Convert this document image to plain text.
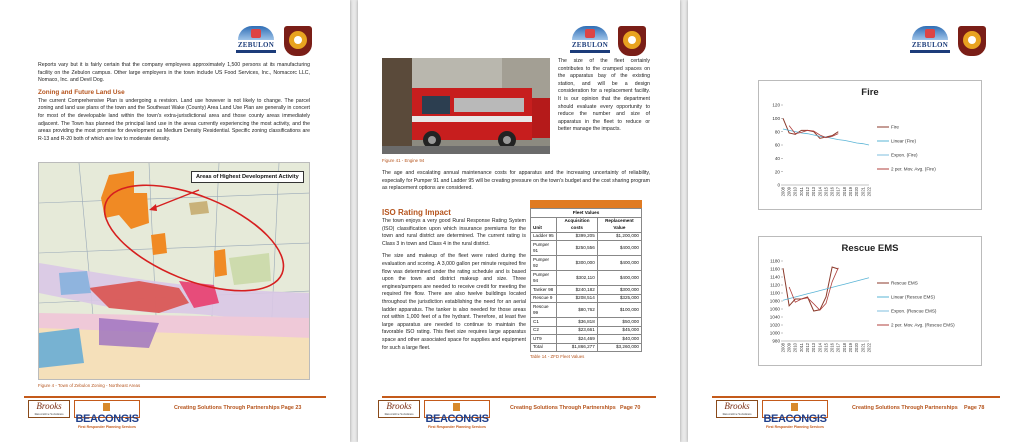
ZEBULON

Reports vary but it is fairly certain that the company employees approximately 1,500 persons at its manufacturing facility on the Zebulon campus. Other large employers in the town include US Food Services, Inc., Nomacorc LLC, Nomaco, Inc. and Devil Dog.

Zoning and Future Land Use

The current Comprehensive Plan is undergoing a revision. Land use however is not likely to change. The parcel zoning and land use plans of the town and the Southeast Wake (County) Area Land Use Plan are generally in concert for most of the developable land within the town's extra-jurisdictional area and those county areas immediately adjacent. The Town has planned the principal land use in the areas currently experiencing the most activity, and the areas providing the most promise for development as Medium Density Residential. Specific zoning classifications are R-13 and R-20 both of which are low to moderate density.

Areas of Highest Development Activity
Figure 4 - Town of Zebulon Zoning - Northeast Areas
Brooks
Innovative Solutions	BEACONGIS
First Responder Planning Services
Creating Solutions Through Partnerships Page 23
ZEBULON
Figure 41 - Engine 94

The size of the fleet certainly contributes to the cramped spaces on the apparatus bay of the existing station, and will be a design consideration for a replacement facility. It is our opinion that the department should evaluate every opportunity to reduce the number and size of apparatus in the fleet to reduce or better manage the impacts.

The age and escalating annual maintenance costs for apparatus and the increasing uncertainty of reliability, especially for Pumper 91 and Ladder 95 will be creating pressure on the town's budget and the cost sharing program as replacement options are considered.

ISO Rating Impact

The town enjoys a very good Rural Response Rating System (ISO) classification upon which insurance premiums for the town and rural district are determined. The current rating is Class 3 in town and Class 4 in the rural district.

The size and makeup of the fleet were rated during the evaluation and scoring. A 3,000 gallon per minute required fire flow was determined under the rating schedule and is based upon the town and district makeup and size. Three engines/pumpers are needed to receive credit for meeting the required fire flow. There are also twelve buildings located throughout the jurisdiction establishing the need for an aerial ladder apparatus. The tanker is also needed for those areas not within 1,000 feet of a fire hydrant. Therefore, at least five large apparatus are needed to continue to maintain the favorable ISO rating. This fleet size requires large apparatus space and other associated space for supplies and equipment for such a large fleet.

Fleet Values		
Unit	Acquisition costs	Replacement Value
Ladder 95	$399,205	$1,200,000
Pumper 91	$250,556	$400,000
Pumper 92	$300,000	$400,000
Pumper 94	$302,110	$400,000
Tanker 98	$240,182	$300,000
Rescue 9	$208,514	$325,000
Rescue 99	$80,762	$100,000
C1	$36,818	$50,000
C2	$23,661	$45,000
UT9	$24,469	$40,000
Total	$1,866,277	$3,260,000
Table 14 - ZFD Fleet Values
Brooks
Innovative Solutions	BEACONGIS
First Responder Planning Services
Creating Solutions Through Partnerships Page 70
ZEBULON
Fire
0
20
40
60
80
100
120
2008 2009 2010 2011 2012 2013 2014 2015 2016 2017 2018 2019 2020 2021 2022
Fire
Linear (Fire)
Expon. (Fire)
2 per. Mov. Avg. (Fire)
Rescue EMS
980
1000
1020
1040
1060
1080
1100
1120
1140
1160
1180
2008 2009 2010 2011 2012 2013 2014 2015 2016 2017 2018 2019 2020 2021 2022
Rescue EMS
Linear (Rescue EMS)
Expon. (Rescue EMS)
2 per. Mov. Avg. (Rescue EMS)
Brooks
Innovative Solutions	BEACONGIS
First Responder Planning Services
Creating Solutions Through Partnerships Page 78
